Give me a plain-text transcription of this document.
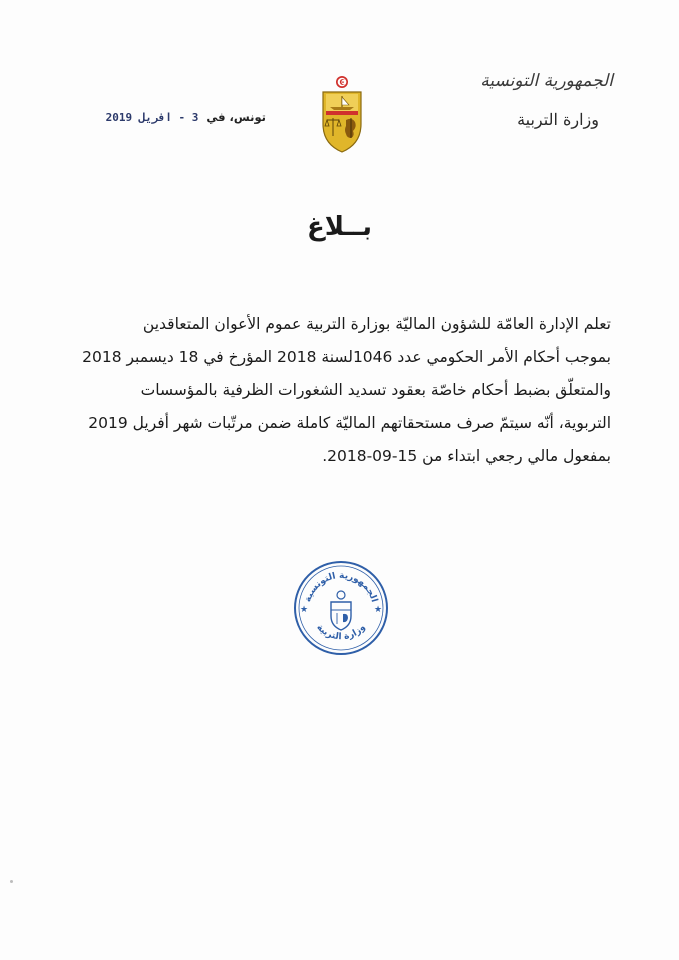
الجمهورية التونسية
وزارة التربية
تونس، في
3 - افريل 2019
بــلاغ
تعلم الإدارة العامّة للشؤون الماليّة بوزارة التربية عموم الأعوان المتعاقدين
بموجب أحكام الأمر الحكومي عدد 1046لسنة 2018 المؤرخ في 18 ديسمبر 2018
والمتعلّق بضبط أحكام خاصّة بعقود تسديد الشغورات الظرفية بالمؤسسات
التربوية، أنّه سيتمّ صرف مستحقاتهم الماليّة كاملة ضمن مرتّبات شهر أفريل 2019
بمفعول مالي رجعي ابتداء من 15-09-2018.
الجمهورية التونسية
وزارة التربية
★	★
